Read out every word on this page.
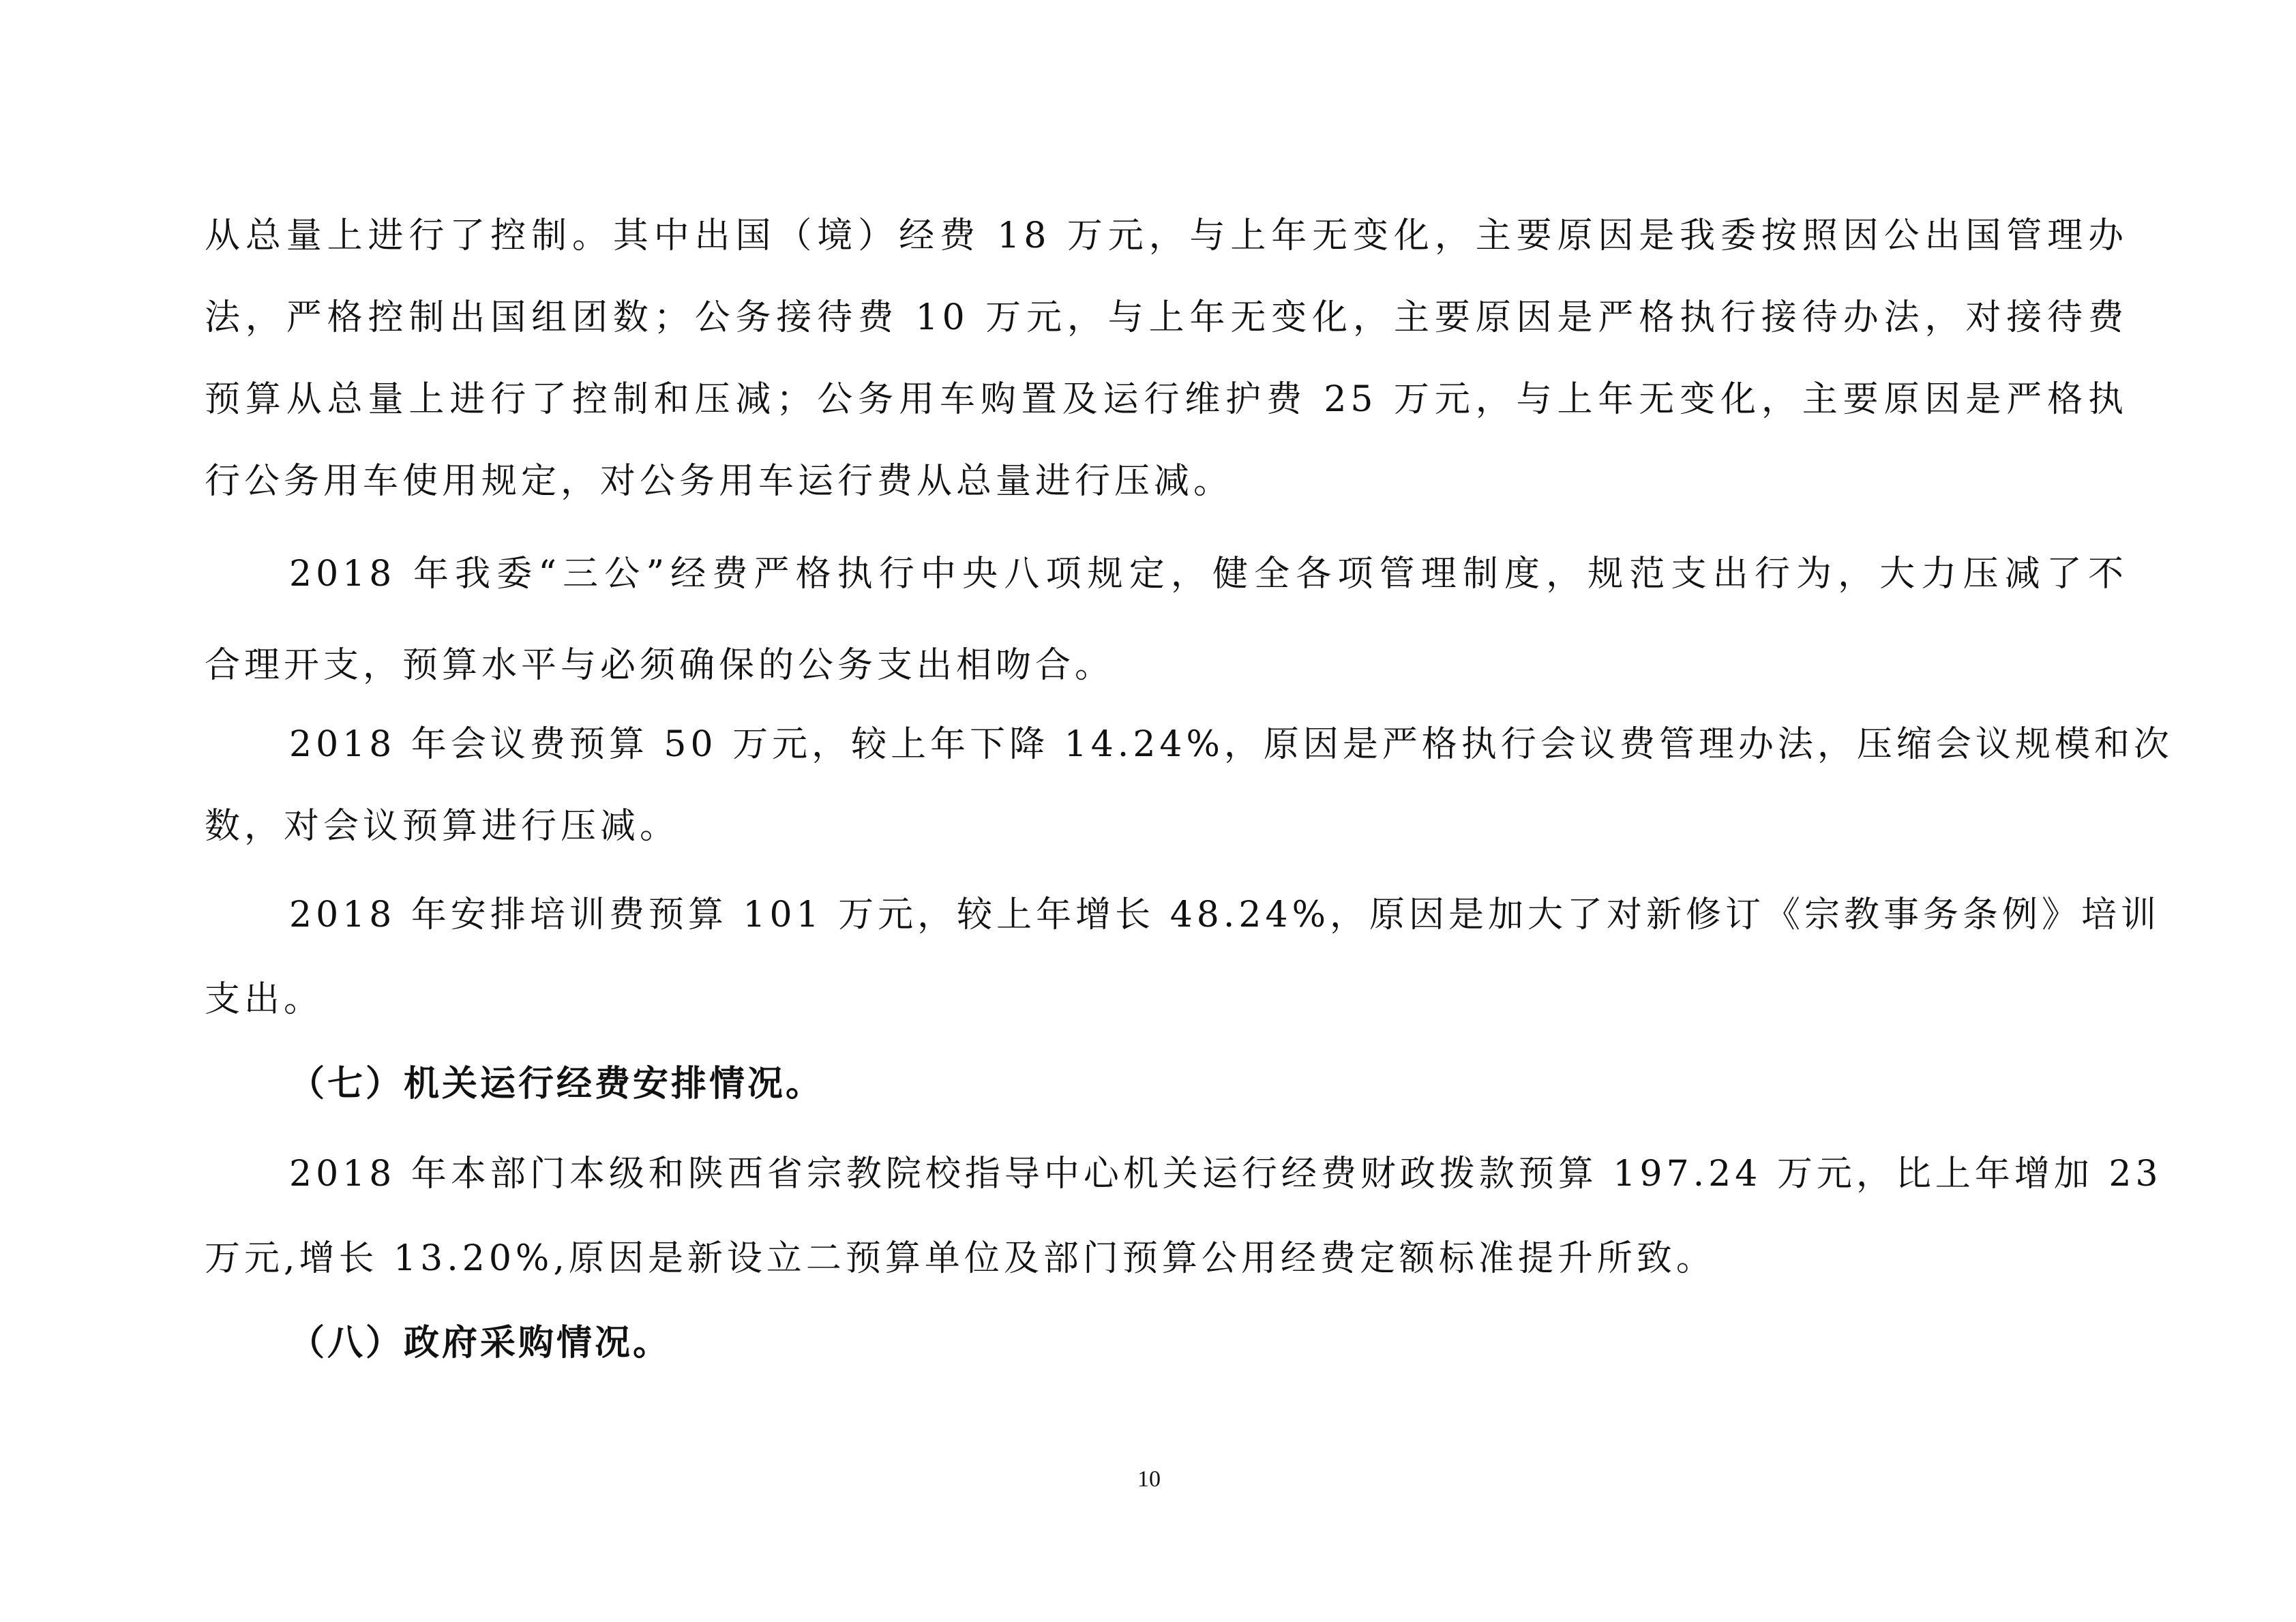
从总量上进行了控制。其中出国（境）经费 18 万元，与上年无变化，主要原因是我委按照因公出国管理办
法，严格控制出国组团数；公务接待费 10 万元，与上年无变化，主要原因是严格执行接待办法，对接待费
预算从总量上进行了控制和压减；公务用车购置及运行维护费 25 万元，与上年无变化，主要原因是严格执
行公务用车使用规定，对公务用车运行费从总量进行压减。
2018 年我委“三公”经费严格执行中央八项规定，健全各项管理制度，规范支出行为，大力压减了不
合理开支，预算水平与必须确保的公务支出相吻合。
2018 年会议费预算 50 万元，较上年下降 14.24%，原因是严格执行会议费管理办法，压缩会议规模和次
数，对会议预算进行压减。
2018 年安排培训费预算 101 万元，较上年增长 48.24%，原因是加大了对新修订《宗教事务条例》培训
支出。
（七）机关运行经费安排情况。
2018 年本部门本级和陕西省宗教院校指导中心机关运行经费财政拨款预算 197.24 万元，比上年增加 23
万元,增长 13.20%,原因是新设立二预算单位及部门预算公用经费定额标准提升所致。
（八）政府采购情况。
10
